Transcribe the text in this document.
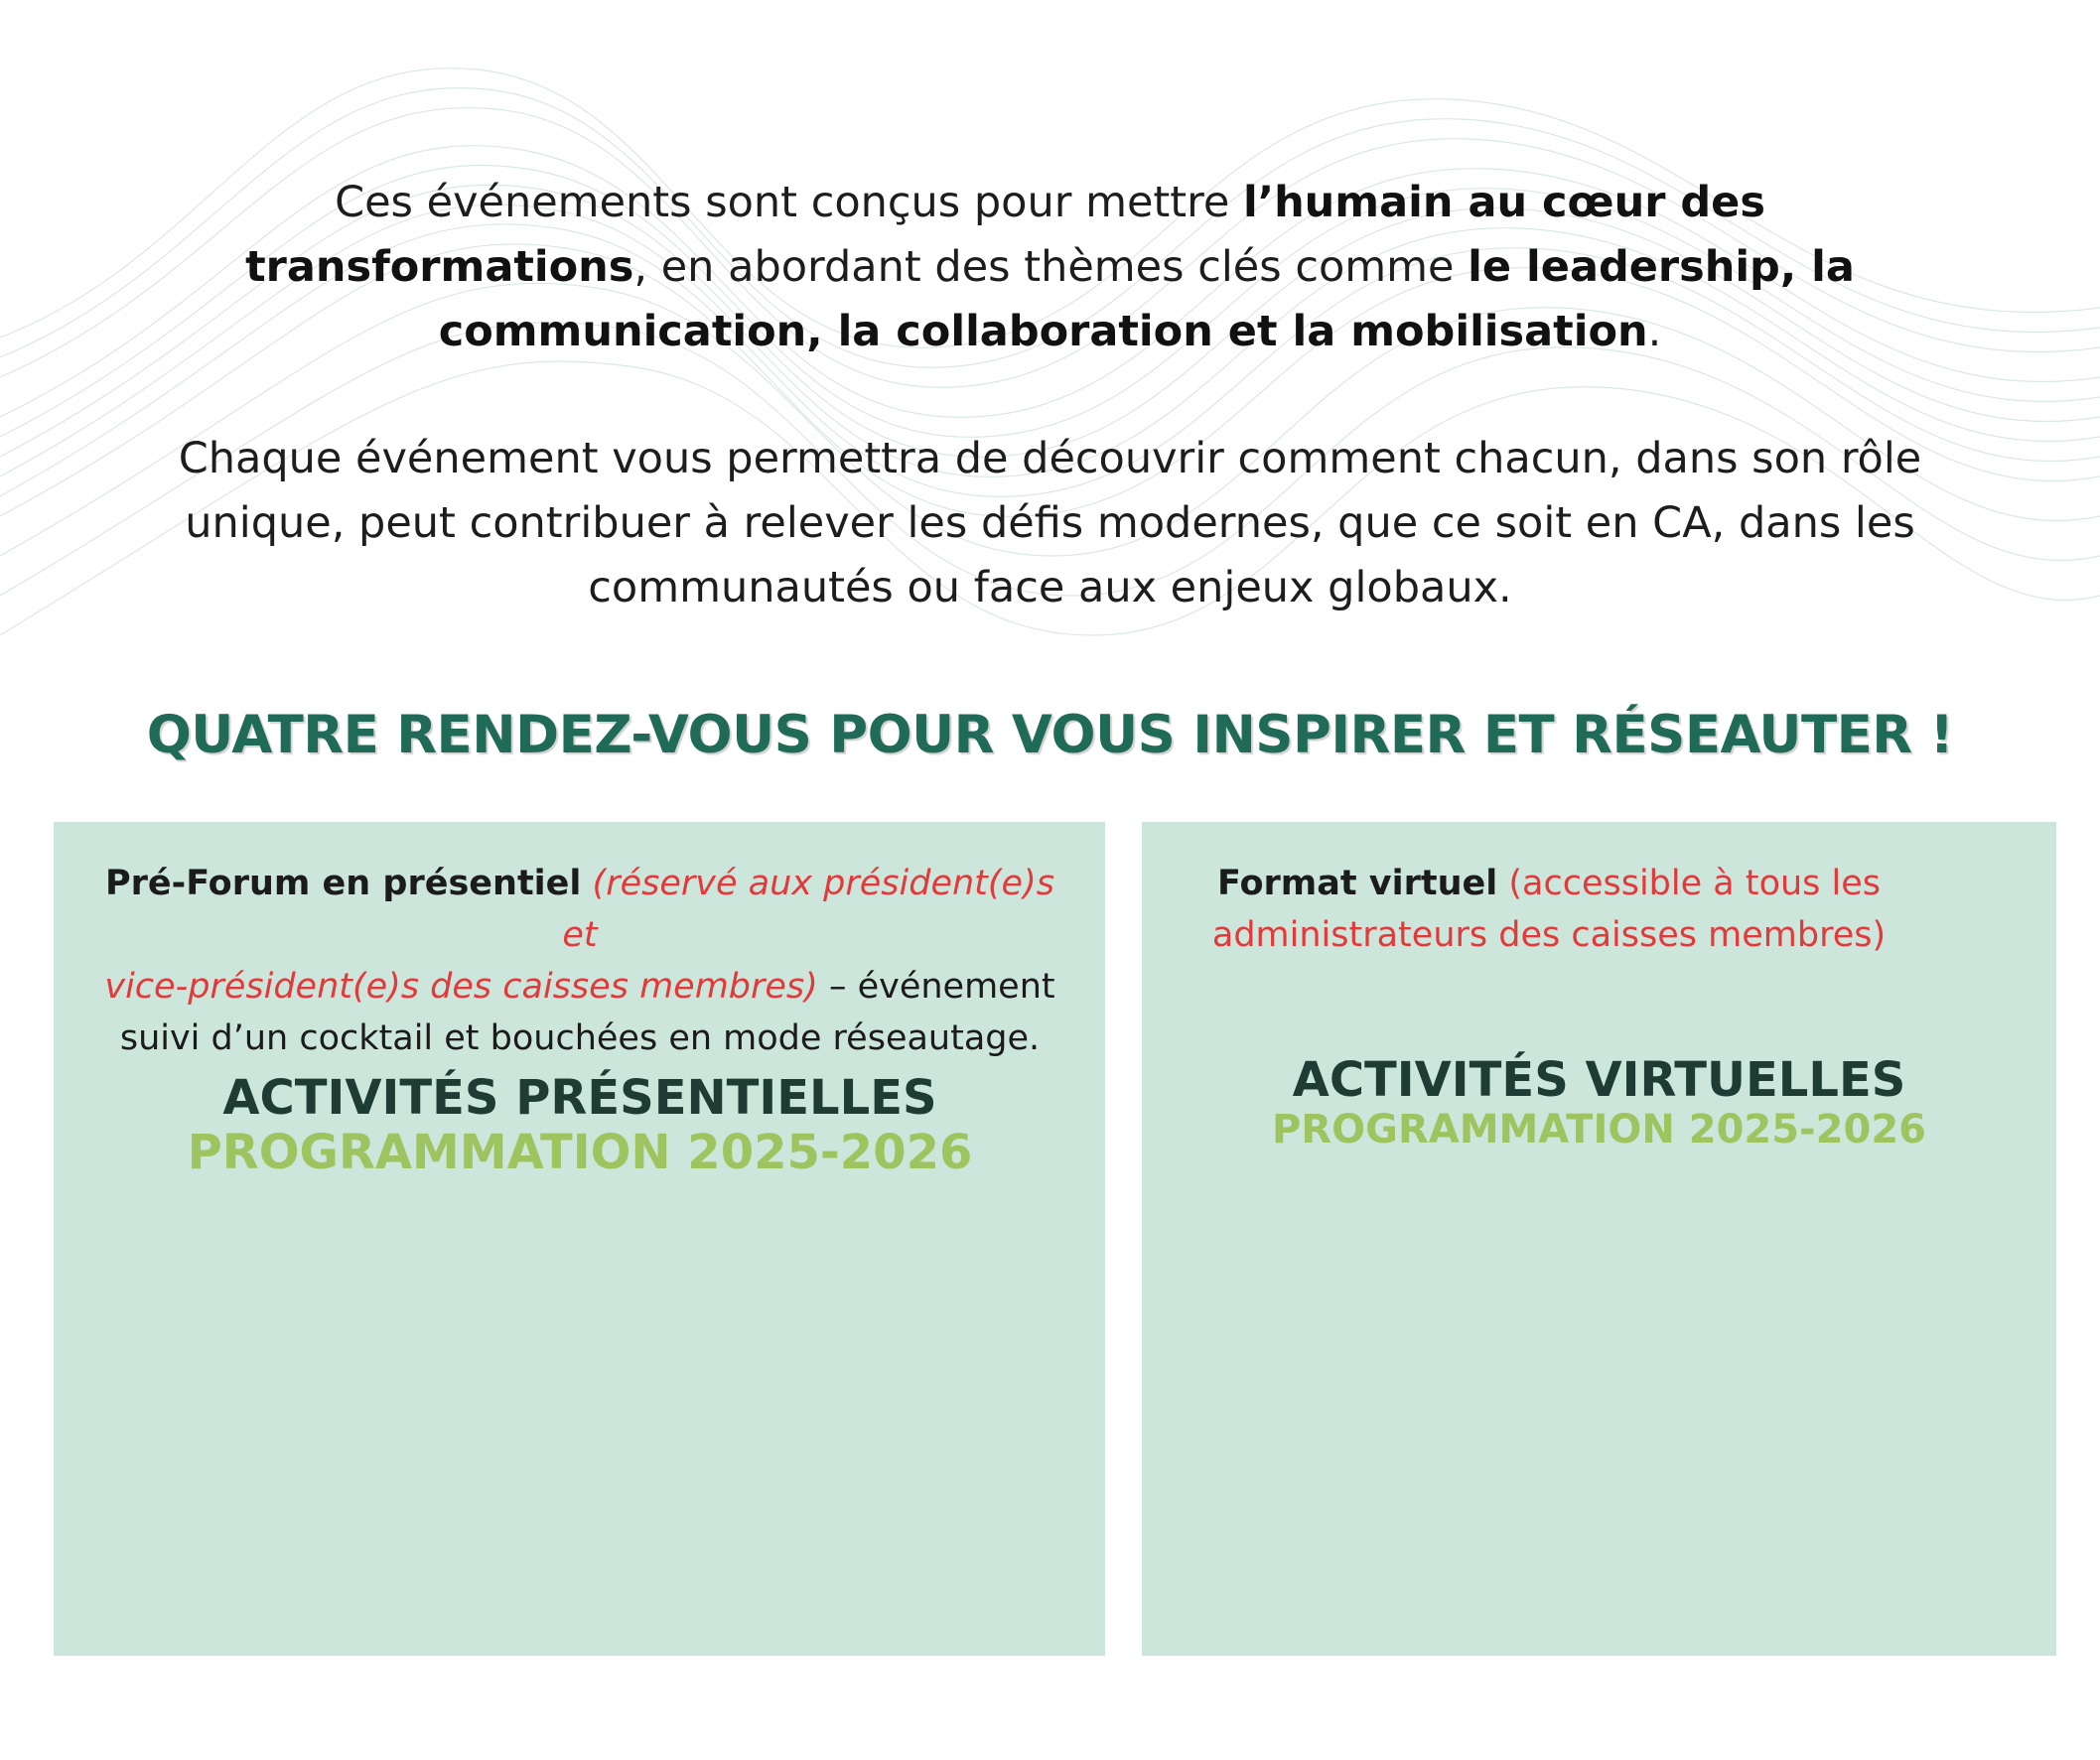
Ces événements sont conçus pour mettre l’humain au cœur des
transformations, en abordant des thèmes clés comme le leadership, la
communication, la collaboration et la mobilisation.
Chaque événement vous permettra de découvrir comment chacun, dans son rôle
unique, peut contribuer à relever les défis modernes, que ce soit en CA, dans les
communautés ou face aux enjeux globaux.
QUATRE RENDEZ-VOUS POUR VOUS INSPIRER ET RÉSEAUTER !
Pré-Forum en présentiel (réservé aux président(e)s et
vice-président(e)s des caisses membres) – événement
suivi d’un cocktail et bouchées en mode réseautage.
ACTIVITÉS PRÉSENTIELLES
PROGRAMMATION 2025-2026
Format virtuel (accessible à tous les
administrateurs des caisses membres)
ACTIVITÉS VIRTUELLES
PROGRAMMATION 2025-2026
